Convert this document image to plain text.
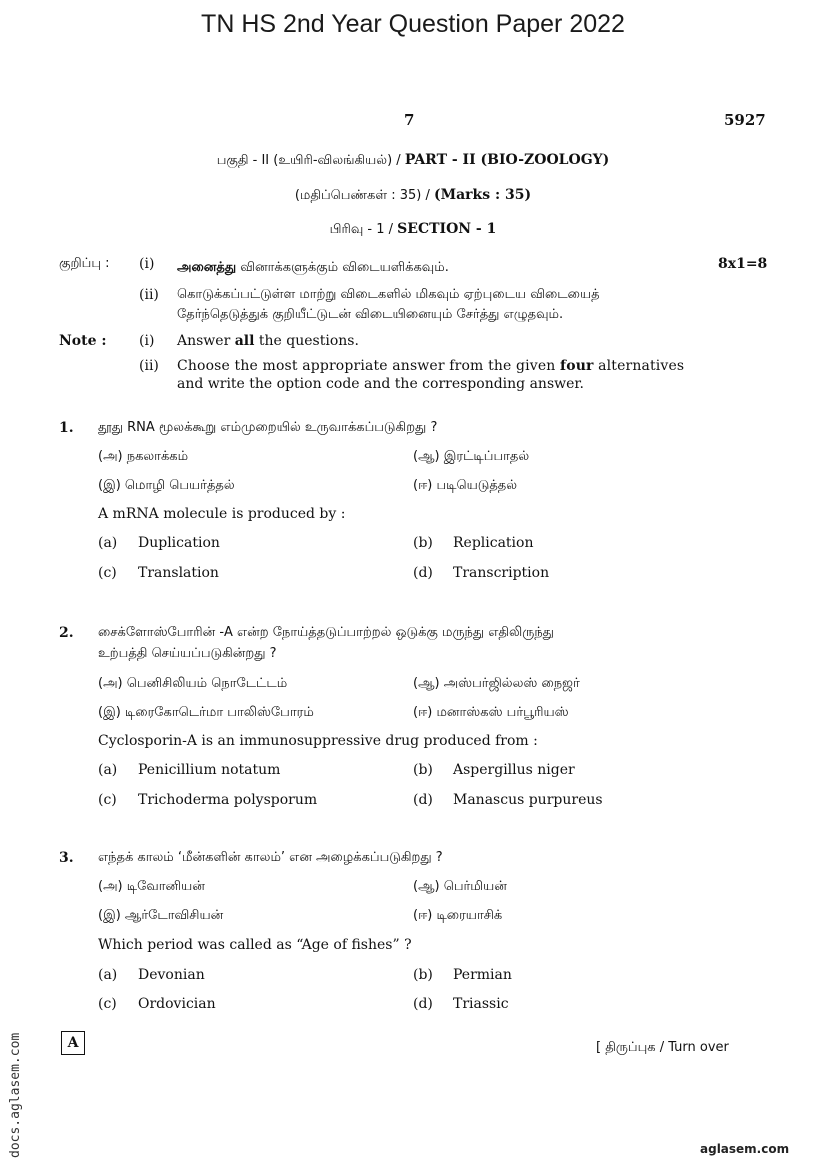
TN HS 2nd Year Question Paper 2022
7	5927
பகுதி - II (உயிரி-விலங்கியல்) / PART - II (BIO-ZOOLOGY)
(மதிப்பெண்கள் : 35) / (Marks : 35)
பிரிவு - 1 / SECTION - 1
குறிப்பு : (i) அனைத்து வினாக்களுக்கும் விடையளிக்கவும்.	8x1=8
(ii) கொடுக்கப்பட்டுள்ள மாற்று விடைகளில் மிகவும் ஏற்புடைய விடையைத்
தேர்ந்தெடுத்துக் குறியீட்டுடன் விடையினையும் சேர்த்து எழுதவும்.
Note : (i) Answer all the questions.
(ii) Choose the most appropriate answer from the given four alternatives
and write the option code and the corresponding answer.
1. தூது RNA மூலக்கூறு எம்முறையில் உருவாக்கப்படுகிறது ?
(அ) நகலாக்கம்	(ஆ) இரட்டிப்பாதல்
(இ) மொழி பெயர்த்தல்	(ஈ) படியெடுத்தல்
A mRNA molecule is produced by :
(a) Duplication	(b) Replication
(c) Translation	(d) Transcription
2. சைக்ளோஸ்போரின் -A என்ற நோய்த்தடுப்பாற்றல் ஒடுக்கு மருந்து எதிலிருந்து
உற்பத்தி செய்யப்படுகின்றது ?
(அ) பெனிசிலியம் நொடேட்டம்	(ஆ) அஸ்பர்ஜில்லஸ் நைஜர்
(இ) டிரைகோடெர்மா பாலிஸ்போரம்	(ஈ) மனாஸ்கஸ் பர்பூரியஸ்
Cyclosporin-A is an immunosuppressive drug produced from :
(a) Penicillium notatum	(b) Aspergillus niger
(c) Trichoderma polysporum	(d) Manascus purpureus
3. எந்தக் காலம் ‘மீன்களின் காலம்’ என அழைக்கப்படுகிறது ?
(அ) டிவோனியன்	(ஆ) பெர்மியன்
(இ) ஆர்டோவிசியன்	(ஈ) டிரையாசிக்
Which period was called as “Age of fishes” ?
(a) Devonian	(b) Permian
(c) Ordovician	(d) Triassic
A	[ திருப்புக / Turn over
docs.aglasem.com	aglasem.com
